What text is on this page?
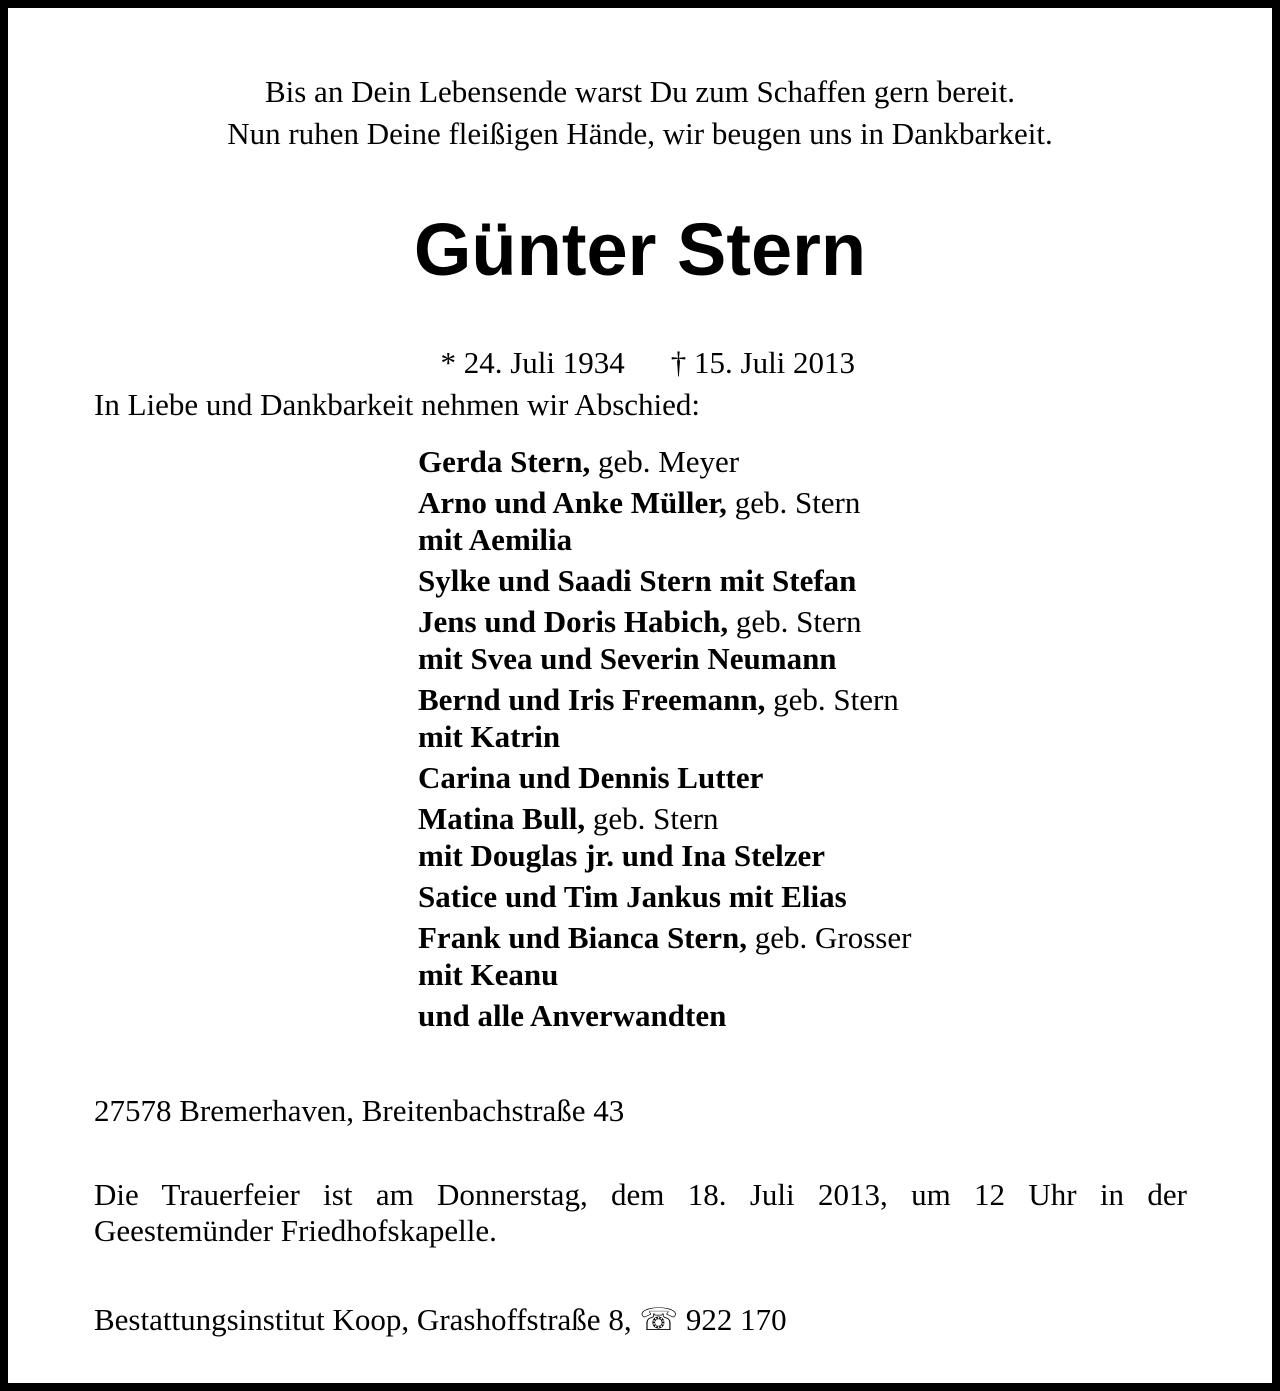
Bis an Dein Lebensende warst Du zum Schaffen gern bereit.
Nun ruhen Deine fleißigen Hände, wir beugen uns in Dankbarkeit.
Günter Stern

* 24. Juli 1934 † 15. Juli 2013

In Liebe und Dankbarkeit nehmen wir Abschied:
Gerda Stern, geb. Meyer
Arno und Anke Müller, geb. Stern
mit Aemilia
Sylke und Saadi Stern mit Stefan
Jens und Doris Habich, geb. Stern
mit Svea und Severin Neumann
Bernd und Iris Freemann, geb. Stern
mit Katrin
Carina und Dennis Lutter
Matina Bull, geb. Stern
mit Douglas jr. und Ina Stelzer
Satice und Tim Jankus mit Elias
Frank und Bianca Stern, geb. Grosser
mit Keanu
und alle Anverwandten
27578 Bremerhaven, Breitenbachstraße 43
Die Trauerfeier ist am Donnerstag, dem 18. Juli 2013, um 12 Uhr in der
Geestemünder Friedhofskapelle.
Bestattungsinstitut Koop, Grashoffstraße 8, ☏ 922 170
